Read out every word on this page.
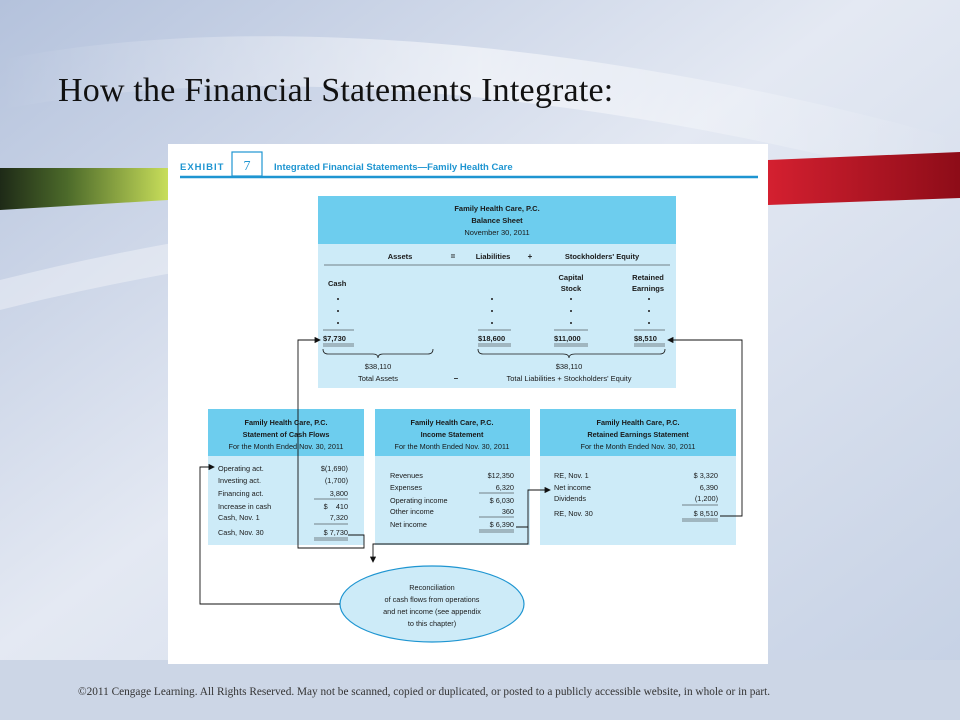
How the Financial Statements Integrate:
EXHIBIT 7 Integrated Financial Statements—Family Health Care
Family Health Care, P.C.
Balance Sheet
November 30, 2011
Assets	=	Liabilities +	Stockholders' Equity
Capital
Stock
Retained
Earnings
Cash
$7,730	$18,600	$11,000	$8,510
$38,110
Total Assets	–
$38,110
Total Liabilities + Stockholders' Equity
Family Health Care, P.C.
Statement of Cash Flows
For the Month Ended Nov. 30, 2011
Operating act.	$(1,690)
Investing act.	(1,700)
Financing act.	3,800
Increase in cash	$    410
Cash, Nov. 1	7,320
Cash, Nov. 30	$ 7,730
Family Health Care, P.C.
Income Statement
For the Month Ended Nov. 30, 2011
Revenues	$12,350
Expenses	6,320
Operating income	$ 6,030
Other income	360
Net income	$ 6,390
Family Health Care, P.C.
Retained Earnings Statement
For the Month Ended Nov. 30, 2011
RE, Nov. 1	$ 3,320
Net income	6,390
Dividends	(1,200)
RE, Nov. 30	$ 8,510
Reconciliation
of cash flows from operations
and net income (see appendix
to this chapter)
©2011 Cengage Learning. All Rights Reserved. May not be scanned, copied or duplicated, or posted to a publicly accessible website, in whole or in part.
